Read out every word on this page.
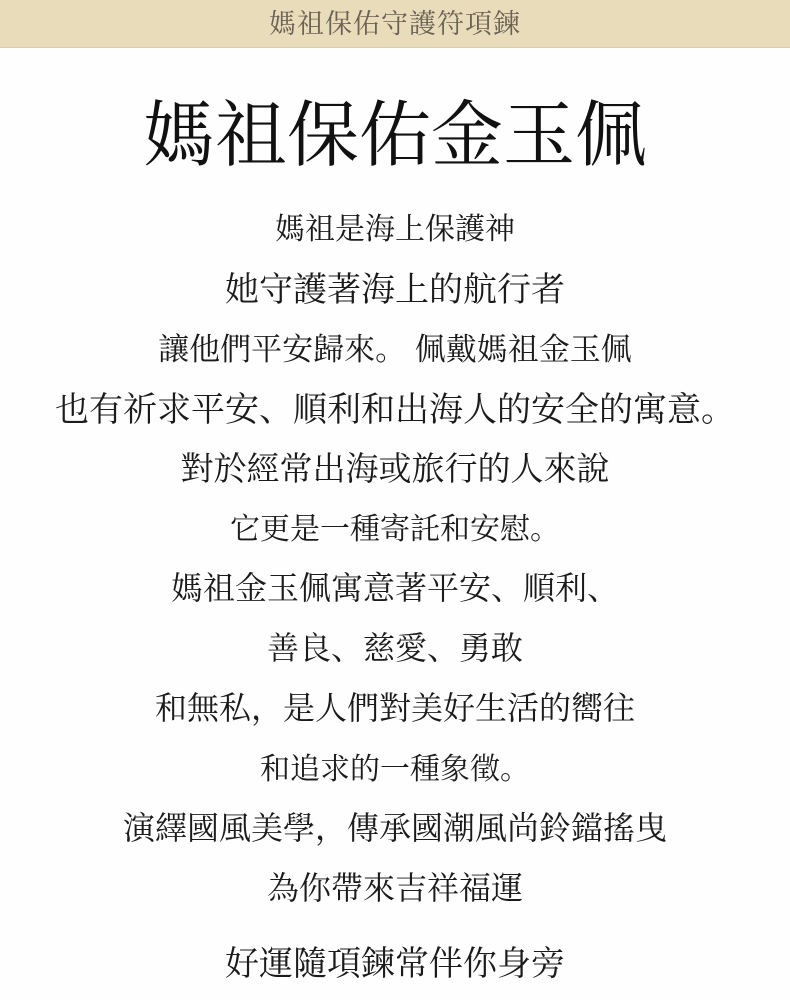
媽祖保佑守護符項鍊
媽祖保佑金玉佩
媽祖是海上保護神
她守護著海上的航行者
讓他們平安歸來。 佩戴媽祖金玉佩
也有祈求平安、順利和出海人的安全的寓意。
對於經常出海或旅行的人來說
它更是一種寄託和安慰。
媽祖金玉佩寓意著平安、順利、
善良、慈愛、勇敢
和無私，是人們對美好生活的嚮往
和追求的一種象徵。
演繹國風美學，傳承國潮風尚鈴鐺搖曳
為你帶來吉祥福運
好運隨項鍊常伴你身旁
